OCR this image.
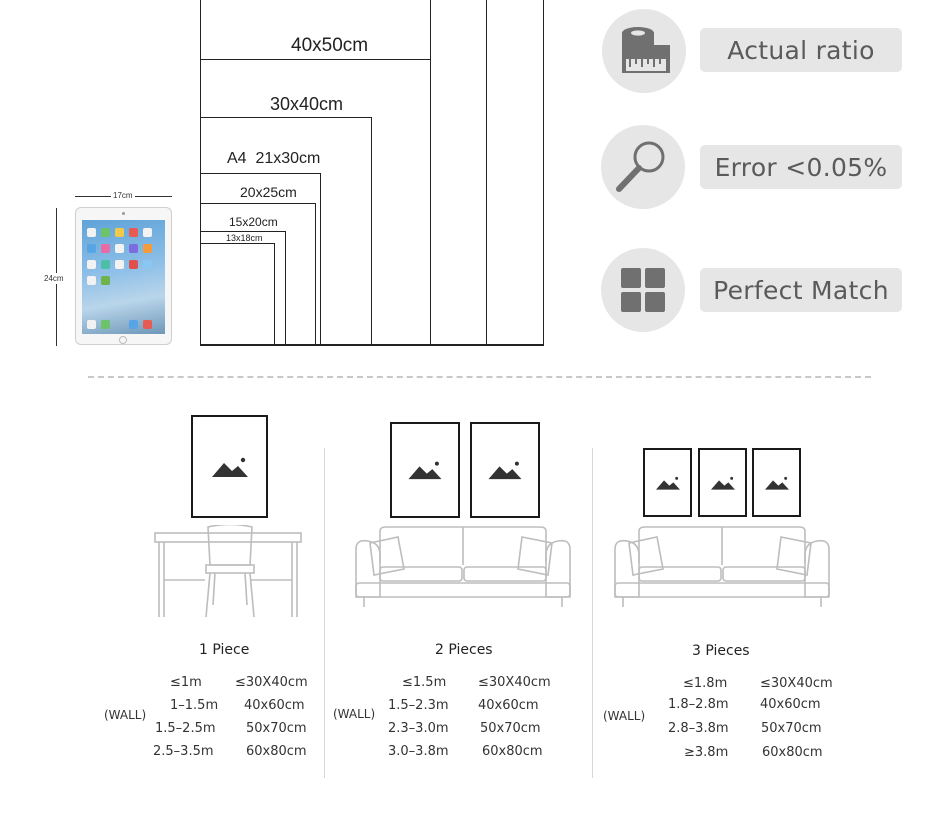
40x50cm
30x40cm
A4  21x30cm
20x25cm
15x20cm
13x18cm
17cm
24cm
Actual ratio
Error <0.05%
Perfect Match
1 Piece
(WALL)
≤1m	≤30X40cm
1–1.5m 40x60cm
1.5–2.5m 50x70cm
2.5–3.5m 60x80cm
2 Pieces
(WALL)
≤1.5m ≤30X40cm
1.5–2.3m 40x60cm
2.3–3.0m 50x70cm
3.0–3.8m	60x80cm
3 Pieces
(WALL)
≤1.8m	≤30X40cm
1.8–2.8m 40x60cm
2.8–3.8m 50x70cm
≥3.8m	60x80cm
